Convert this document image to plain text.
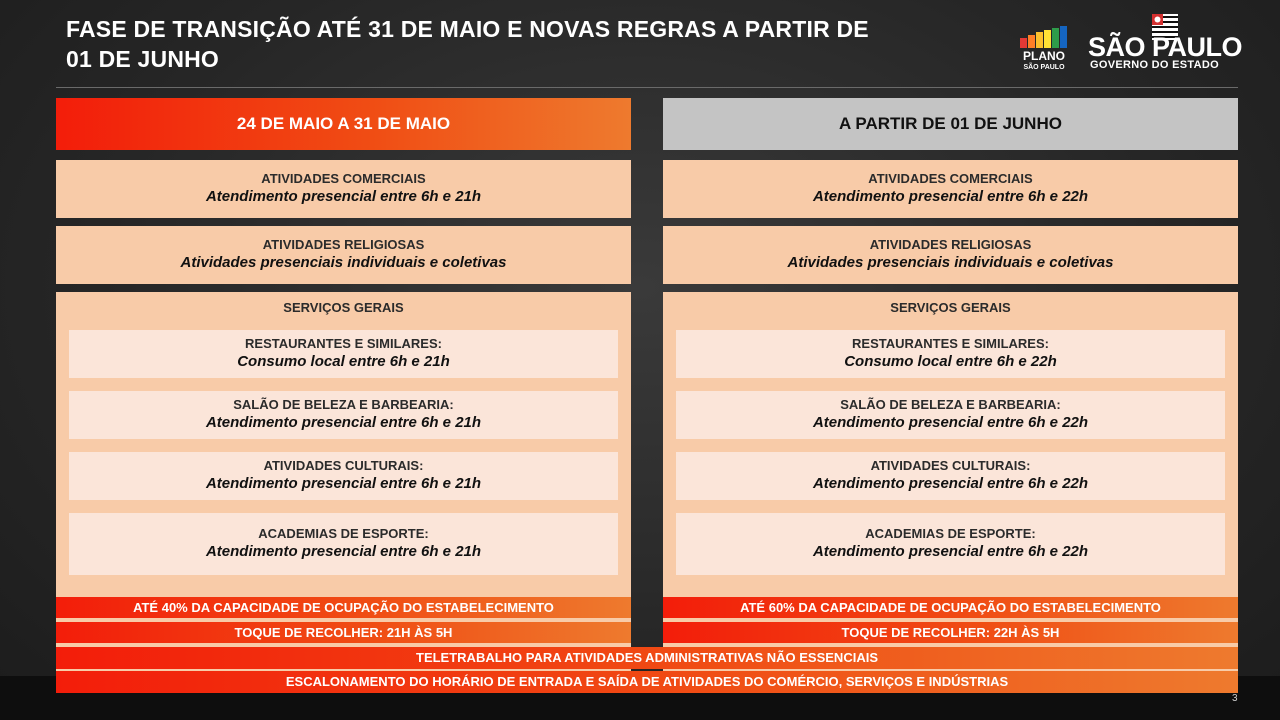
FASE DE TRANSIÇÃO ATÉ 31 DE MAIO E NOVAS REGRAS A PARTIR DE
01 DE JUNHO	PLANO
SÃO PAULO
SÃO PAULO
GOVERNO DO ESTADO
24 DE MAIO A 31 DE MAIO
ATIVIDADES COMERCIAIS
Atendimento presencial entre 6h e 21h
ATIVIDADES RELIGIOSAS
Atividades presenciais individuais e coletivas
SERVIÇOS GERAIS
RESTAURANTES E SIMILARES:
Consumo local entre 6h e 21h
SALÃO DE BELEZA E BARBEARIA:
Atendimento presencial entre 6h e 21h
ATIVIDADES CULTURAIS:
Atendimento presencial entre 6h e 21h
ACADEMIAS DE ESPORTE:
Atendimento presencial entre 6h e 21h
A PARTIR DE 01 DE JUNHO
ATIVIDADES COMERCIAIS
Atendimento presencial entre 6h e 22h
ATIVIDADES RELIGIOSAS
Atividades presenciais individuais e coletivas
SERVIÇOS GERAIS
RESTAURANTES E SIMILARES:
Consumo local entre 6h e 22h
SALÃO DE BELEZA E BARBEARIA:
Atendimento presencial entre 6h e 22h
ATIVIDADES CULTURAIS:
Atendimento presencial entre 6h e 22h
ACADEMIAS DE ESPORTE:
Atendimento presencial entre 6h e 22h
ATÉ 40% DA CAPACIDADE DE OCUPAÇÃO DO ESTABELECIMENTO	ATÉ 60% DA CAPACIDADE DE OCUPAÇÃO DO ESTABELECIMENTO
TOQUE DE RECOLHER: 21H ÀS 5H	TOQUE DE RECOLHER: 22H ÀS 5H
TELETRABALHO PARA ATIVIDADES ADMINISTRATIVAS NÃO ESSENCIAIS
ESCALONAMENTO DO HORÁRIO DE ENTRADA E SAÍDA DE ATIVIDADES DO COMÉRCIO, SERVIÇOS E INDÚSTRIAS
3
